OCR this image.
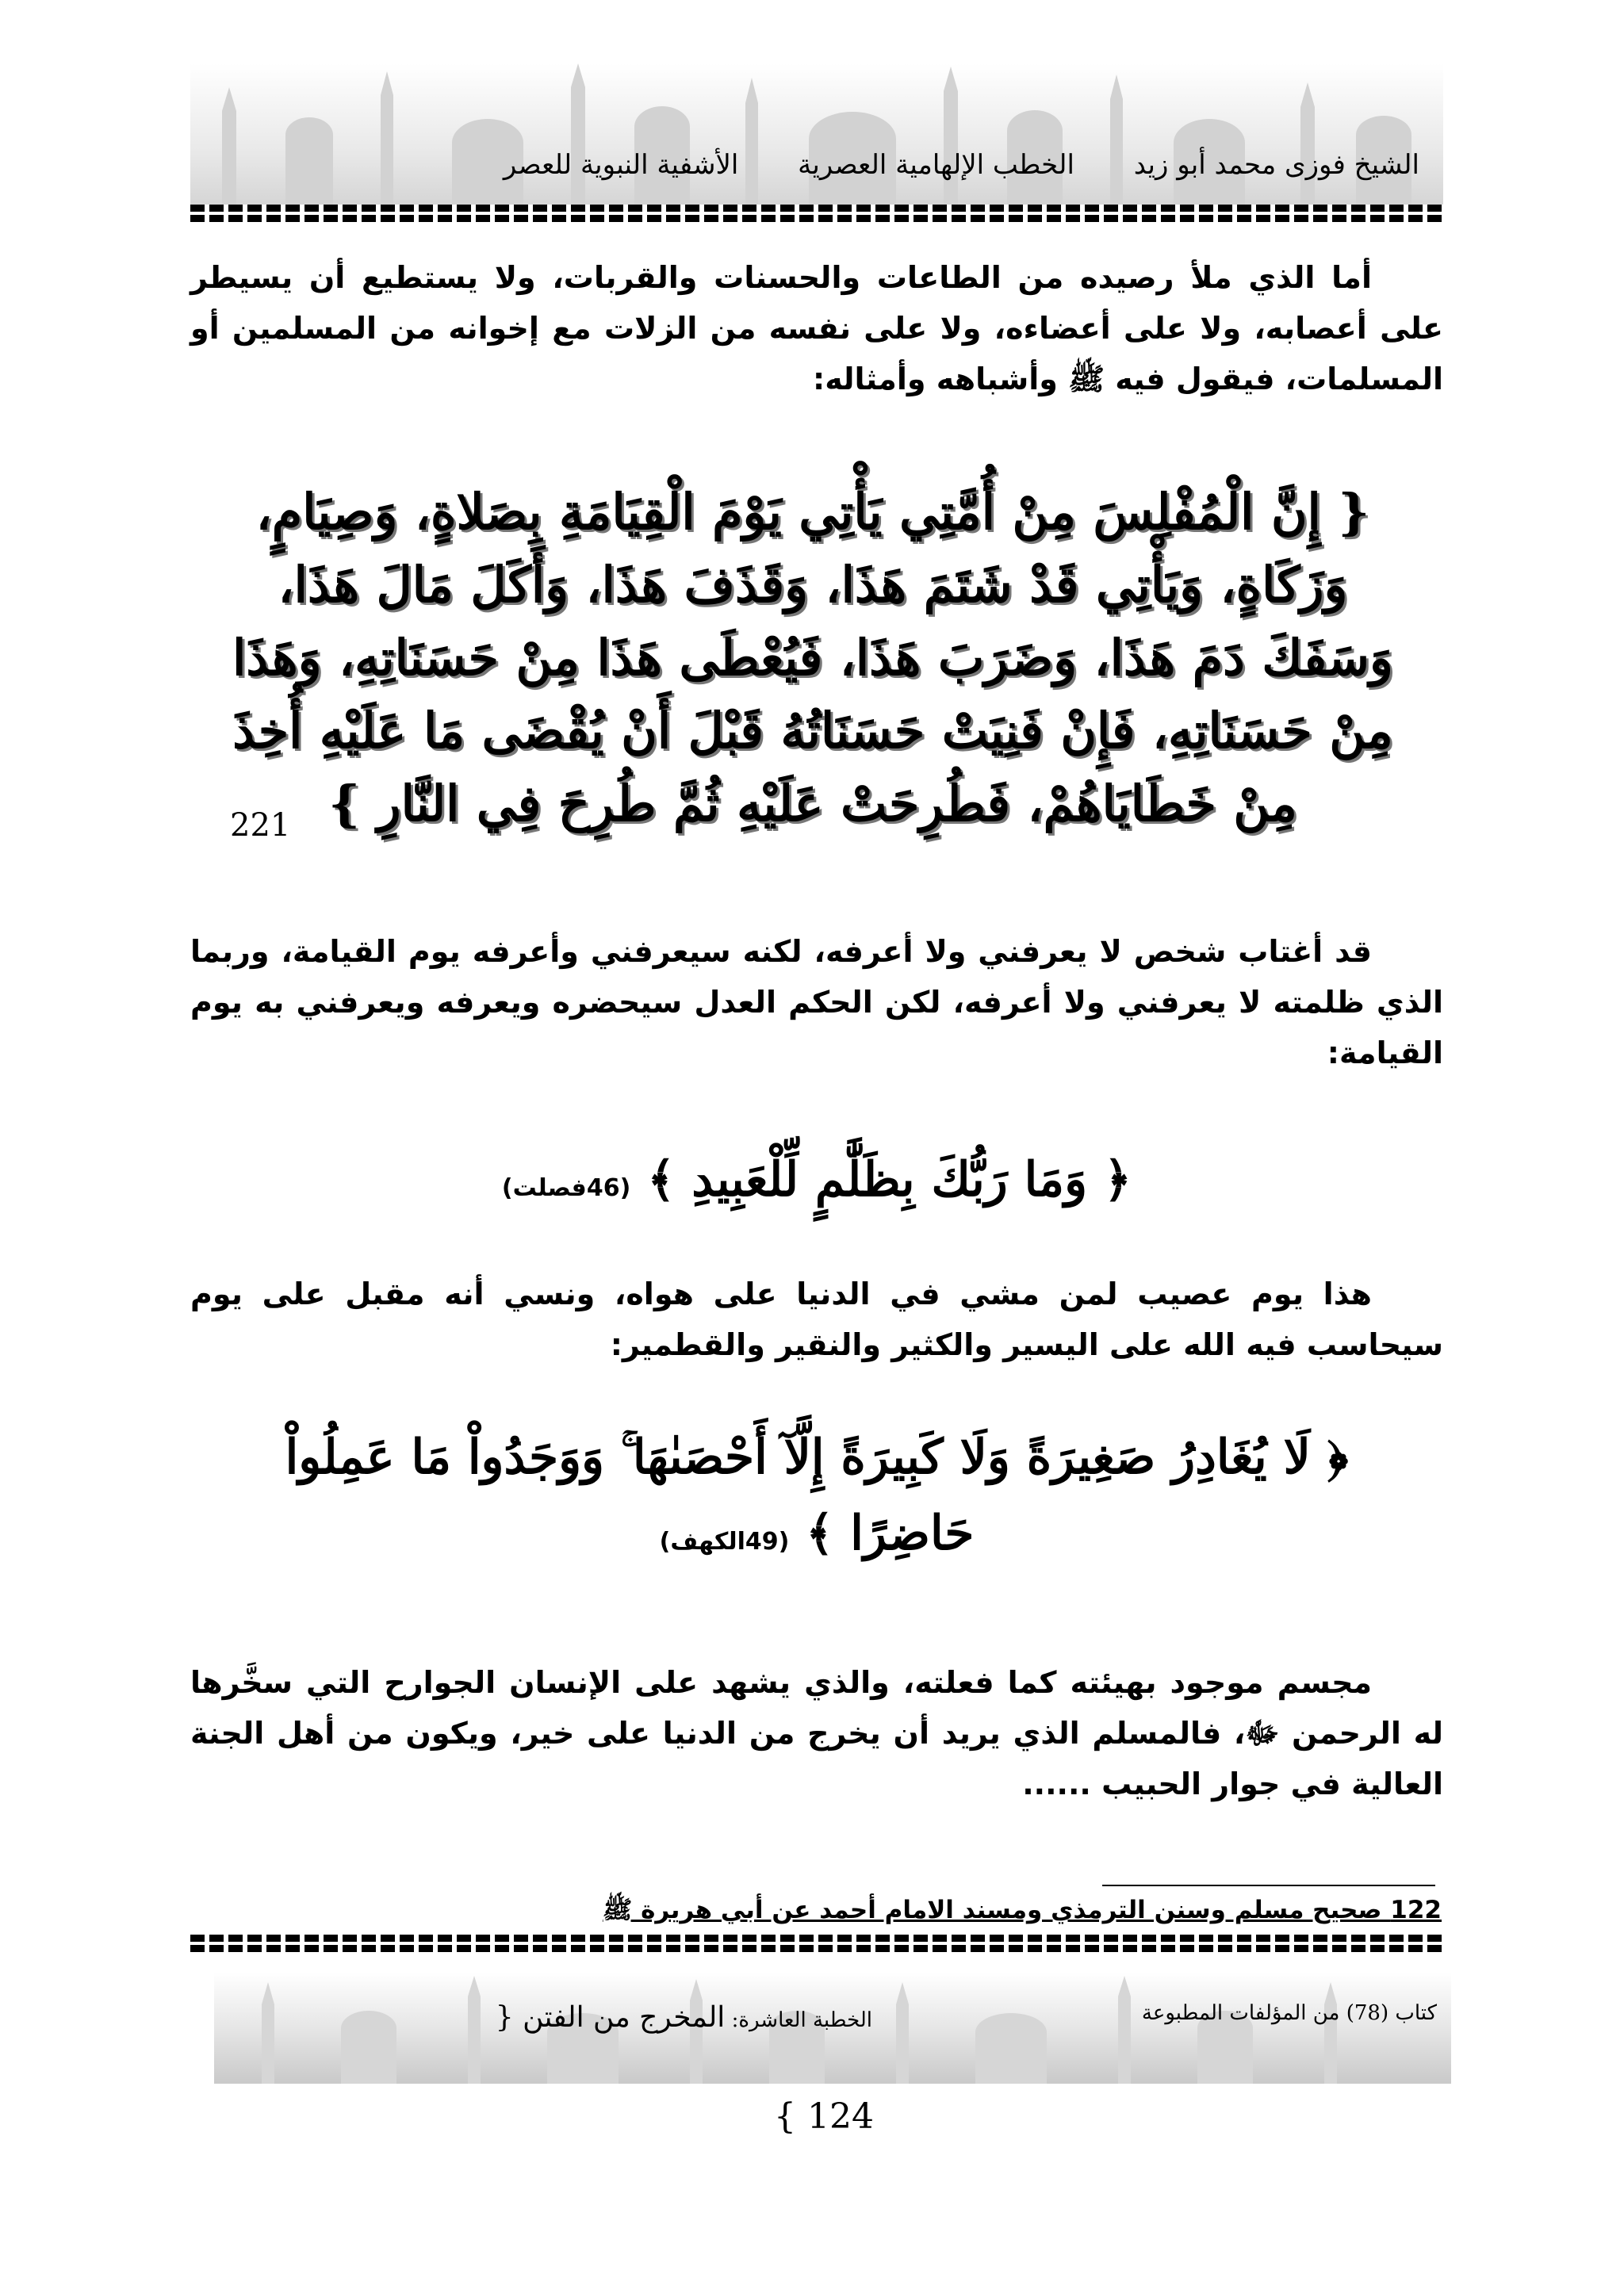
الشيخ فوزى محمد أبو زيد الخطب الإلهامية العصرية الأشفية النبوية للعصر
أما الذي ملأ رصيده من الطاعات والحسنات والقربات، ولا يستطيع أن يسيطر على أعصابه، ولا على أعضاءه، ولا على نفسه من الزلات مع إخوانه من المسلمين أو المسلمات، فيقول فيه ﷺ وأشباهه وأمثاله:
{ إِنَّ الْمُفْلِسَ مِنْ أُمَّتِي يَأْتِي يَوْمَ الْقِيَامَةِ بِصَلاةٍ، وَصِيَامٍ،
وَزَكَاةٍ، وَيَأْتِي قَدْ شَتَمَ هَذَا، وَقَذَفَ هَذَا، وَأَكَلَ مَالَ هَذَا،
وَسَفَكَ دَمَ هَذَا، وَضَرَبَ هَذَا، فَيُعْطَى هَذَا مِنْ حَسَنَاتِهِ، وَهَذَا
مِنْ حَسَنَاتِهِ، فَإِنْ فَنِيَتْ حَسَنَاتُهُ قَبْلَ أَنْ يُقْضَى مَا عَلَيْهِ أُخِذَ
مِنْ خَطَايَاهُمْ، فَطُرِحَتْ عَلَيْهِ ثُمَّ طُرِحَ فِي النَّارِ }
221
قد أغتاب شخص لا يعرفني ولا أعرفه، لكنه سيعرفني وأعرفه يوم القيامة، وربما الذي ظلمته لا يعرفني ولا أعرفه، لكن الحكم العدل سيحضره ويعرفه ويعرفني به يوم القيامة:
﴿ وَمَا رَبُّكَ بِظَلَّٰمٍ لِّلْعَبِيدِ ﴾ (46فصلت)
هذا يوم عصيب لمن مشي في الدنيا على هواه، ونسي أنه مقبل على يوم سيحاسب فيه الله على اليسير والكثير والنقير والقطمير:
﴿ لَا يُغَادِرُ صَغِيرَةً وَلَا كَبِيرَةً إِلَّآ أَحْصَىٰهَا ۚ وَوَجَدُواْ مَا عَمِلُواْ
حَاضِرًا ﴾ (49الكهف)
مجسم موجود بهيئته كما فعلته، والذي يشهد على الإنسان الجوارح التي سخَّرها له الرحمن ﷻ، فالمسلم الذي يريد أن يخرج من الدنيا على خير، ويكون من أهل الجنة العالية في جوار الحبيب ......
122 صحيح مسلم وسنن الترمذي ومسند الامام أحمد عن أبي هريرة ﷺ
كتاب (78) من المؤلفات المطبوعة
الخطبة العاشرة: المخرج من الفتن {
{ 124
